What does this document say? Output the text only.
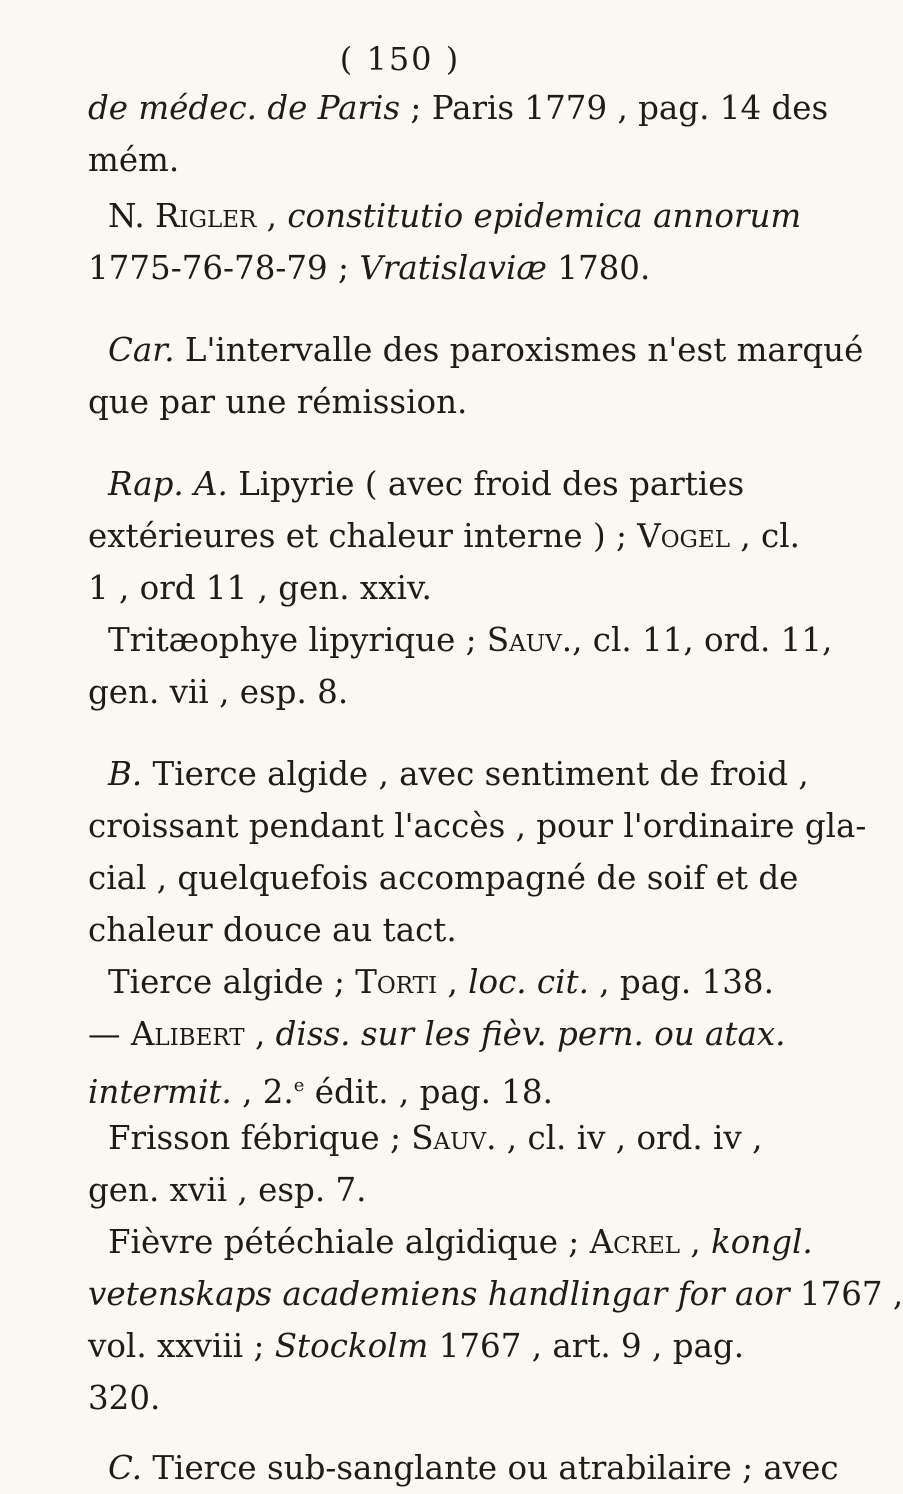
( 150 )
de médec. de Paris ; Paris 1779 , pag. 14 des
mém.
N. Rigler , constitutio epidemica annorum
1775-76-78-79 ; Vratislaviæ 1780.
Car. L'intervalle des paroxismes n'est marqué
que par une rémission.
Rap. A. Lipyrie ( avec froid des parties
extérieures et chaleur interne ) ; Vogel , cl.
1 , ord 11 , gen. xxiv.
Tritæophye lipyrique ; Sauv., cl. 11, ord. 11,
gen. vii , esp. 8.
B. Tierce algide , avec sentiment de froid ,
croissant pendant l'accès , pour l'ordinaire gla-
cial , quelquefois accompagné de soif et de
chaleur douce au tact.
Tierce algide ; Torti , loc. cit. , pag. 138.
— Alibert , diss. sur les fièv. pern. ou atax.
intermit. , 2.$^e$ édit. , pag. 18.
Frisson fébrique ; Sauv. , cl. iv , ord. iv ,
gen. xvii , esp. 7.
Fièvre pétéchiale algidique ; Acrel , kongl.
vetenskaps academiens handlingar for aor 1767 ,
vol. xxviii ; Stockolm 1767 , art. 9 , pag.
320.
C. Tierce sub-sanglante ou atrabilaire ; avec
